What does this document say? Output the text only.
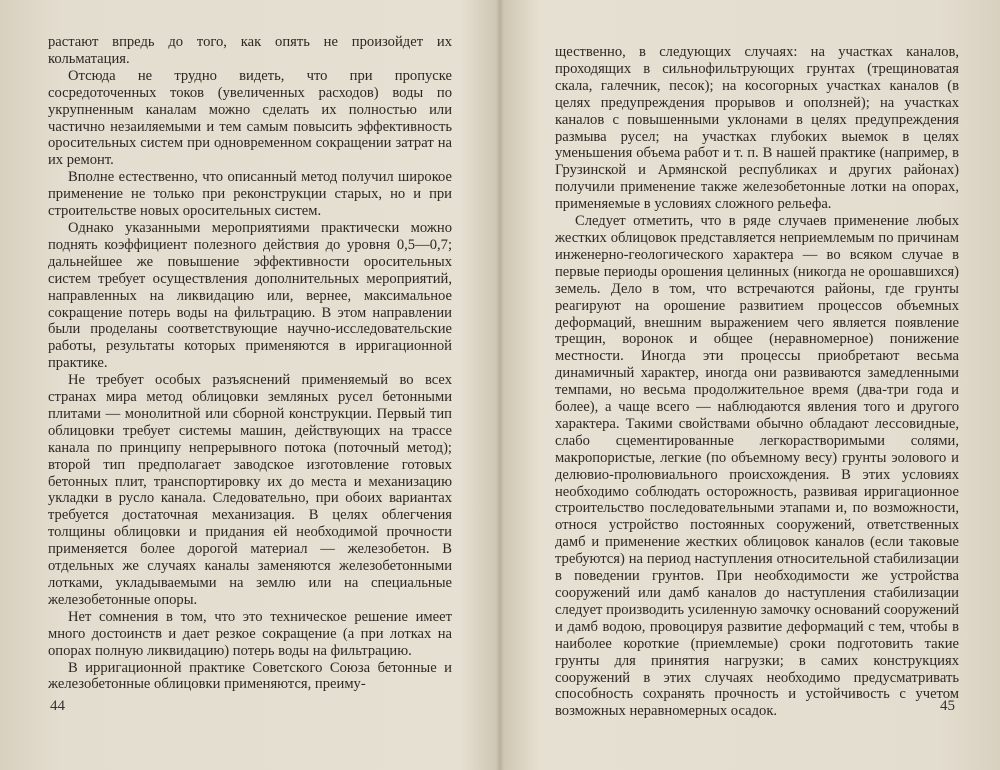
растают впредь до того, как опять не произойдет их кольматация.

Отсюда не трудно видеть, что при пропуске сосредоточенных токов (увеличенных расходов) воды по укрупненным каналам можно сделать их полностью или частично незаиляемыми и тем самым повысить эффективность оросительных систем при одновременном сокращении затрат на их ремонт.

Вполне естественно, что описанный метод получил широкое применение не только при реконструкции старых, но и при строительстве новых оросительных систем.

Однако указанными мероприятиями практически можно поднять коэффициент полезного действия до уровня 0,5—0,7; дальнейшее же повышение эффективности оросительных систем требует осуществления дополнительных мероприятий, направленных на ликвидацию или, вернее, максимальное сокращение потерь воды на фильтрацию. В этом направлении были проделаны соответствующие научно-исследовательские работы, результаты которых применяются в ирригационной практике.

Не требует особых разъяснений применяемый во всех странах мира метод облицовки земляных русел бетонными плитами — монолитной или сборной конструкции. Первый тип облицовки требует системы машин, действующих на трассе канала по принципу непрерывного потока (поточный метод); второй тип предполагает заводское изготовление готовых бетонных плит, транспортировку их до места и механизацию укладки в русло канала. Следовательно, при обоих вариантах требуется достаточная механизация. В целях облегчения толщины облицовки и придания ей необходимой прочности применяется более дорогой материал — железобетон. В отдельных же случаях каналы заменяются железобетонными лотками, укладываемыми на землю или на специальные железобетонные опоры.

Нет сомнения в том, что это техническое решение имеет много достоинств и дает резкое сокращение (а при лотках на опорах полную ликвидацию) потерь воды на фильтрацию.

В ирригационной практике Советского Союза бетонные и железобетонные облицовки применяются, преиму-

44

щественно, в следующих случаях: на участках каналов, проходящих в сильнофильтрующих грунтах (трещиноватая скала, галечник, песок); на косогорных участках каналов (в целях предупреждения прорывов и оползней); на участках каналов с повышенными уклонами в целях предупреждения размыва русел; на участках глубоких выемок в целях уменьшения объема работ и т. п. В нашей практике (например, в Грузинской и Армянской республиках и других районах) получили применение также железобетонные лотки на опорах, применяемые в условиях сложного рельефа.

Следует отметить, что в ряде случаев применение любых жестких облицовок представляется неприемлемым по причинам инженерно-геологического характера — во всяком случае в первые периоды орошения целинных (никогда не орошавшихся) земель. Дело в том, что встречаются районы, где грунты реагируют на орошение развитием процессов объемных деформаций, внешним выражением чего является появление трещин, воронок и общее (неравномерное) понижение местности. Иногда эти процессы приобретают весьма динамичный характер, иногда они развиваются замедленными темпами, но весьма продолжительное время (два-три года и более), а чаще всего — наблюдаются явления того и другого характера. Такими свойствами обычно обладают лессовидные, слабо сцементированные легкорастворимыми солями, макропористые, легкие (по объемному весу) грунты эолового и делювио-пролювиального происхождения. В этих условиях необходимо соблюдать осторожность, развивая ирригационное строительство последовательными этапами и, по возможности, относя устройство постоянных сооружений, ответственных дамб и применение жестких облицовок каналов (если таковые требуются) на период наступления относительной стабилизации в поведении грунтов. При необходимости же устройства сооружений или дамб каналов до наступления стабилизации следует производить усиленную замочку оснований сооружений и дамб водою, провоцируя развитие деформаций с тем, чтобы в наиболее короткие (приемлемые) сроки подготовить такие грунты для принятия нагрузки; в самих конструкциях сооружений в этих случаях необходимо предусматривать способность сохранять прочность и устойчивость с учетом возможных неравномерных осадок.	45
